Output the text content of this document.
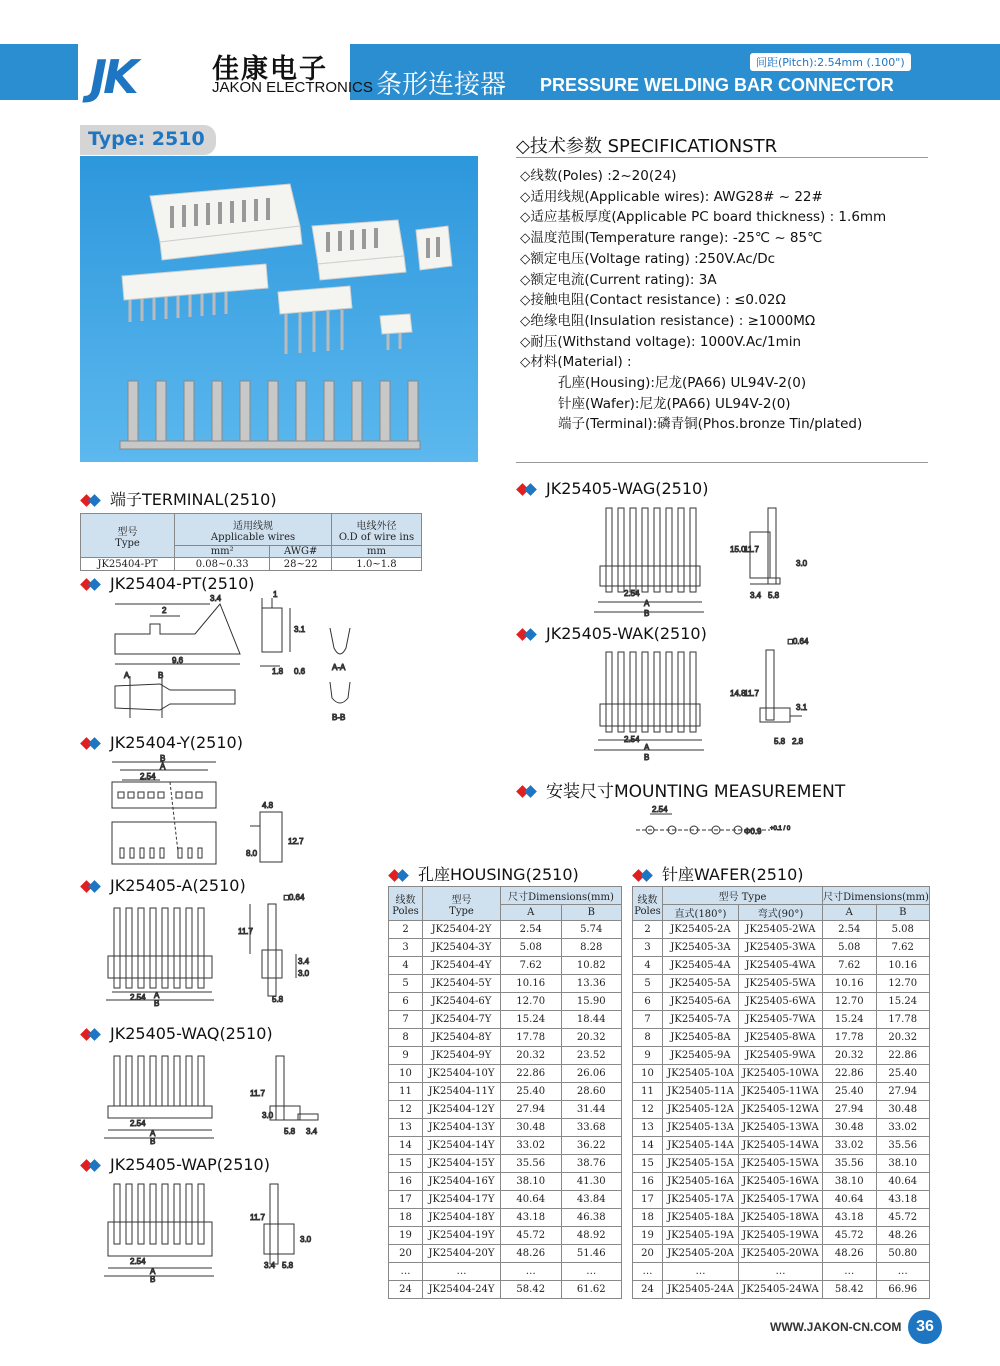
JK	佳康电子
JAKON ELECTRONICS 条形连接器 PRESSURE WELDING BAR CONNECTOR
间距(Pitch):2.54mm (.100")
Type: 2510	◇技术参数 SPECIFICATIONSTR
◇线数(Poles) :2~20(24)
◇适用线规(Applicable wires): AWG28# ~ 22#
◇适应基板厚度(Applicable PC board thickness) : 1.6mm
◇温度范围(Temperature range): -25℃ ~ 85℃
◇额定电压(Voltage rating) :250V.Ac/Dc
◇额定电流(Current rating): 3A
◇接触电阻(Contact resistance) : ≤0.02Ω
◇绝缘电阻(Insulation resistance) : ≥1000MΩ
◇耐压(Withstand voltage): 1000V.Ac/1min
◇材料(Material) :
孔座(Housing):尼龙(PA66) UL94V-2(0)
针座(Wafer):尼龙(PA66) UL94V-2(0)
端子(Terminal):磷青铜(Phos.bronze Tin/plated)
端子TERMINAL(2510)
JK25404-PT(2510)
JK25404-Y(2510)
JK25405-A(2510)
JK25405-WAQ(2510)
JK25405-WAP(2510)
JK25405-WAG(2510)
JK25405-WAK(2510)
安装尺寸MOUNTING MEASUREMENT
孔座HOUSING(2510)	针座WAFER(2510)
型号
Type	适用线规
Applicable wires		电线外径
O.D of wire ins
	mm²	AWG#	mm
JK25404-PT	0.08~0.33	28~22	1.0~1.8
3.4
2
9.6
1
3.1
1.8 0.6	A-A
B-B
A	B
B
A
2.54
4.8
8.0
12.7
□0.64
11.7
3.4
3.0
5.8
2.54 A
B
11.7
3.0
5.8 3.4
2.54
A
B
11.7
3.0
3.4 5.8
2.54
A
B
15.0
11.7
3.0
3.4 5.8
2.54
A
B
□0.64
14.8
11.7
3.1
5.8 2.8
2.54
A
B
2.54
Φ0.9 +0.1 / 0
线数
Poles	型号
Type	尺寸Dimensions(mm)	
		A	B
2	JK25404-2Y	2.54	5.74
3	JK25404-3Y	5.08	8.28
4	JK25404-4Y	7.62	10.82
5	JK25404-5Y	10.16	13.36
6	JK25404-6Y	12.70	15.90
7	JK25404-7Y	15.24	18.44
8	JK25404-8Y	17.78	20.32
9	JK25404-9Y	20.32	23.52
10	JK25404-10Y	22.86	26.06
11	JK25404-11Y	25.40	28.60
12	JK25404-12Y	27.94	31.44
13	JK25404-13Y	30.48	33.68
14	JK25404-14Y	33.02	36.22
15	JK25404-15Y	35.56	38.76
16	JK25404-16Y	38.10	41.30
17	JK25404-17Y	40.64	43.84
18	JK25404-18Y	43.18	46.38
19	JK25404-19Y	45.72	48.92
20	JK25404-20Y	48.26	51.46
…	…	…	…
24	JK25404-24Y	58.42	61.62
线数
Poles	型号 Type		尺寸Dimensions(mm)	
	直式(180°)	弯式(90°)	A	B
2	JK25405-2A	JK25405-2WA	2.54	5.08
3	JK25405-3A	JK25405-3WA	5.08	7.62
4	JK25405-4A	JK25405-4WA	7.62	10.16
5	JK25405-5A	JK25405-5WA	10.16	12.70
6	JK25405-6A	JK25405-6WA	12.70	15.24
7	JK25405-7A	JK25405-7WA	15.24	17.78
8	JK25405-8A	JK25405-8WA	17.78	20.32
9	JK25405-9A	JK25405-9WA	20.32	22.86
10	JK25405-10A	JK25405-10WA	22.86	25.40
11	JK25405-11A	JK25405-11WA	25.40	27.94
12	JK25405-12A	JK25405-12WA	27.94	30.48
13	JK25405-13A	JK25405-13WA	30.48	33.02
14	JK25405-14A	JK25405-14WA	33.02	35.56
15	JK25405-15A	JK25405-15WA	35.56	38.10
16	JK25405-16A	JK25405-16WA	38.10	40.64
17	JK25405-17A	JK25405-17WA	40.64	43.18
18	JK25405-18A	JK25405-18WA	43.18	45.72
19	JK25405-19A	JK25405-19WA	45.72	48.26
20	JK25405-20A	JK25405-20WA	48.26	50.80
…	…	…	…	…
24	JK25405-24A	JK25405-24WA	58.42	66.96
WWW.JAKON-CN.COM 36
